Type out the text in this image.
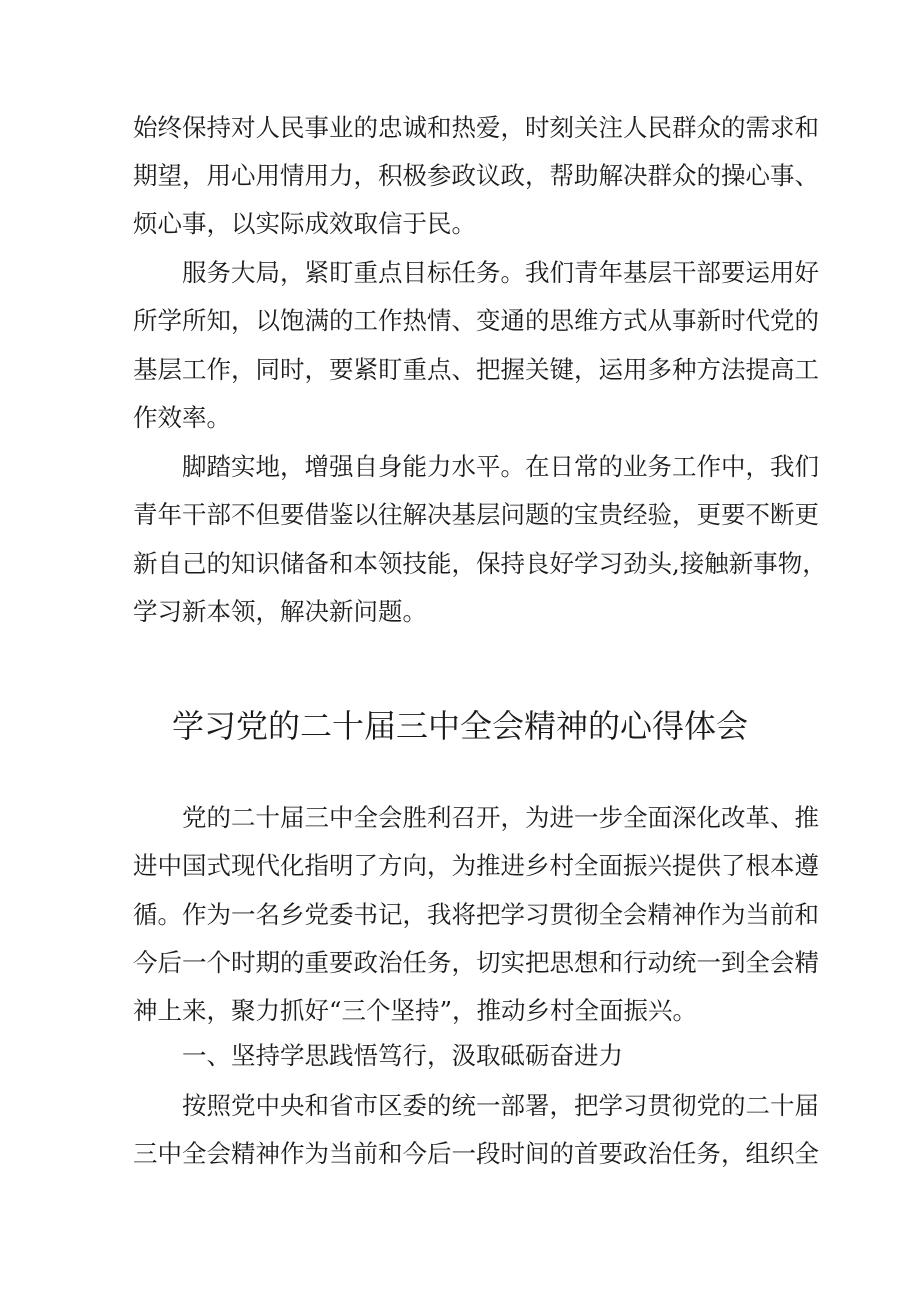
始终保持对人民事业的忠诚和热爱，时刻关注人民群众的需求和
期望，用心用情用力，积极参政议政，帮助解决群众的操心事、
烦心事，以实际成效取信于民。
服务大局，紧盯重点目标任务。我们青年基层干部要运用好
所学所知，以饱满的工作热情、变通的思维方式从事新时代党的
基层工作，同时，要紧盯重点、把握关键，运用多种方法提高工
作效率。
脚踏实地，增强自身能力水平。在日常的业务工作中，我们
青年干部不但要借鉴以往解决基层问题的宝贵经验，更要不断更
新自己的知识储备和本领技能，保持良好学习劲头,接触新事物，
学习新本领，解决新问题。
学习党的二十届三中全会精神的心得体会
党的二十届三中全会胜利召开，为进一步全面深化改革、推
进中国式现代化指明了方向，为推进乡村全面振兴提供了根本遵
循。作为一名乡党委书记，我将把学习贯彻全会精神作为当前和
今后一个时期的重要政治任务，切实把思想和行动统一到全会精
神上来，聚力抓好“三个坚持”，推动乡村全面振兴。
一、坚持学思践悟笃行，汲取砥砺奋进力
按照党中央和省市区委的统一部署，把学习贯彻党的二十届
三中全会精神作为当前和今后一段时间的首要政治任务，组织全
